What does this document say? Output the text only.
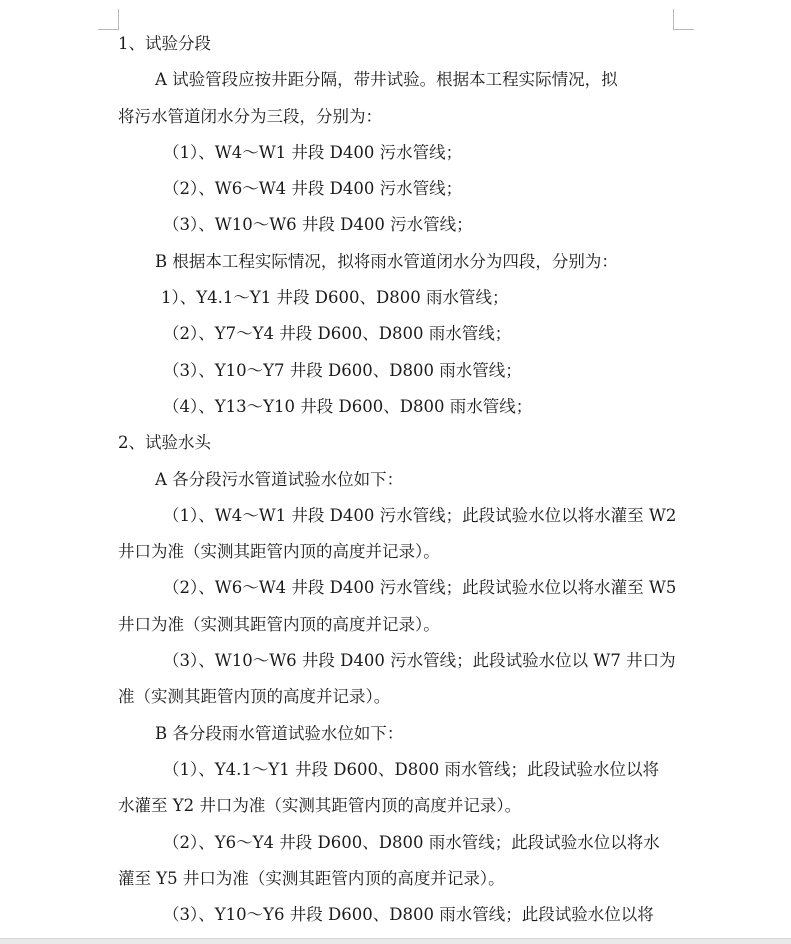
1、试验分段
A 试验管段应按井距分隔，带井试验。根据本工程实际情况，拟
将污水管道闭水分为三段，分别为：
（1）、W4～W1 井段 D400 污水管线；
（2）、W6～W4 井段 D400 污水管线；
（3）、W10～W6 井段 D400 污水管线；
B 根据本工程实际情况，拟将雨水管道闭水分为四段，分别为：
1）、Y4.1～Y1 井段 D600、D800 雨水管线；
（2）、Y7～Y4 井段 D600、D800 雨水管线；
（3）、Y10～Y7 井段 D600、D800 雨水管线；
（4）、Y13～Y10 井段 D600、D800 雨水管线；
2、试验水头
A 各分段污水管道试验水位如下：
（1）、W4～W1 井段 D400 污水管线；此段试验水位以将水灌至 W2
井口为准（实测其距管内顶的高度并记录）。
（2）、W6～W4 井段 D400 污水管线；此段试验水位以将水灌至 W5
井口为准（实测其距管内顶的高度并记录）。
（3）、W10～W6 井段 D400 污水管线；此段试验水位以 W7 井口为
准（实测其距管内顶的高度并记录）。
B 各分段雨水管道试验水位如下：
（1）、Y4.1～Y1 井段 D600、D800 雨水管线；此段试验水位以将
水灌至 Y2 井口为准（实测其距管内顶的高度并记录）。
（2）、Y6～Y4 井段 D600、D800 雨水管线；此段试验水位以将水
灌至 Y5 井口为准（实测其距管内顶的高度并记录）。
（3）、Y10～Y6 井段 D600、D800 雨水管线；此段试验水位以将
